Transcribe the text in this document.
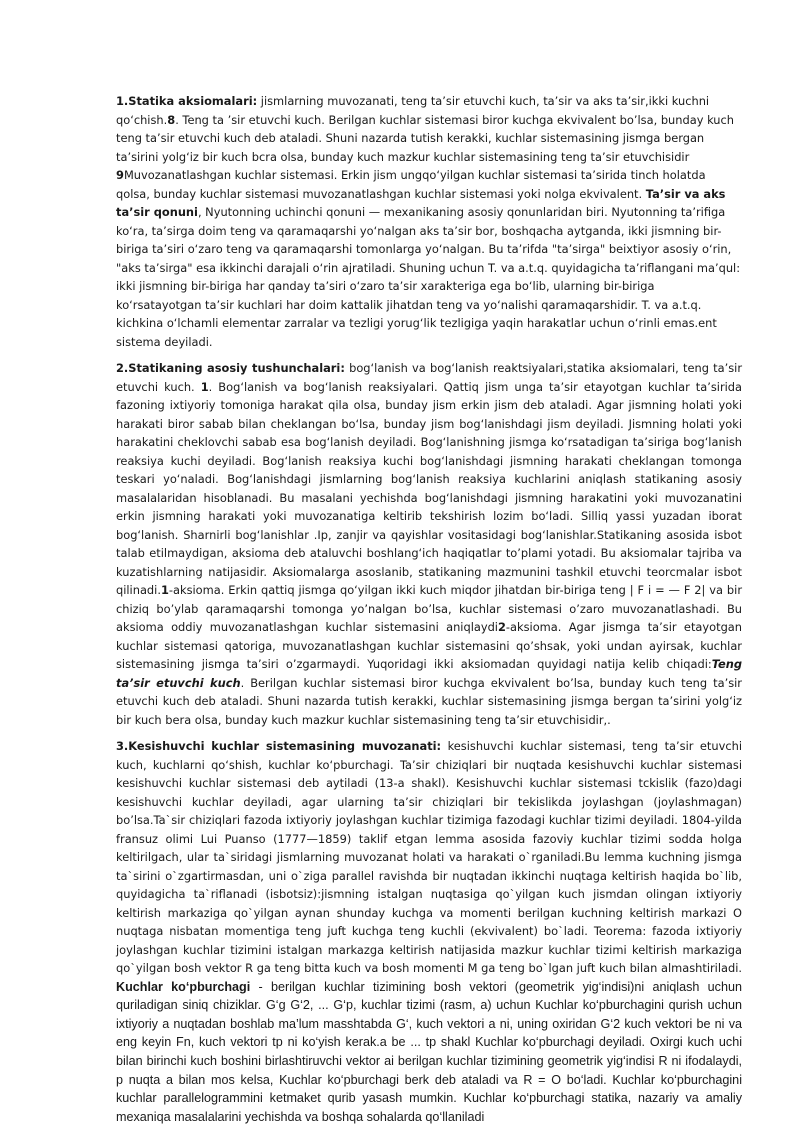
1.Statika aksiomalari: jismlarning muvozanati, teng ta’sir etuvchi kuch, ta’sir va aks ta’sir,ikki kuchni qo‘chish.8. Teng ta ’sir etuvchi kuch. Berilgan kuchlar sistemasi biror kuchga ekvivalent bo’lsa, bunday kuch teng ta’sir etuvchi kuch deb ataladi. Shuni nazarda tutish kerakki, kuchlar sistemasining jismga bergan ta’sirini yolg‘iz bir kuch bcra olsa, bunday kuch mazkur kuchlar sistemasining teng ta’sir etuvchisidir 9Muvozanatlashgan kuchlar sistemasi. Erkin jism ungqo‘yilgan kuchlar sistemasi ta’sirida tinch holatda qolsa, bunday kuchlar sistemasi muvozanatlashgan kuchlar sistemasi yoki nolga ekvivalent. Ta’sir va aks ta’sir qonuni, Nyutonning uchinchi qonuni — mexanikaning asosiy qonunlaridan biri. Nyutonning ta’rifiga ko‘ra, ta’sirga doim teng va qaramaqarshi yo‘nalgan aks ta’sir bor, boshqacha aytganda, ikki jismning bir-biriga ta’siri o‘zaro teng va qaramaqarshi tomonlarga yo‘nalgan. Bu ta’rifda "ta’sirga" beixtiyor asosiy o‘rin, "aks ta’sirga" esa ikkinchi darajali o‘rin ajratiladi. Shuning uchun T. va a.t.q. quyidagicha ta’riflangani ma’qul: ikki jismning bir-biriga har qanday ta’siri o‘zaro ta’sir xarakteriga ega bo‘lib, ularning bir-biriga ko‘rsatayotgan ta’sir kuchlari har doim kattalik jihatdan teng va yo‘nalishi qaramaqarshidir. T. va a.t.q. kichkina o‘lchamli elementar zarralar va tezligi yorug‘lik tezligiga yaqin harakatlar uchun o‘rinli emas.ent sistema deyiladi.

2.Statikaning asosiy tushunchalari: bog‘lanish va bog‘lanish reaktsiyalari,statika aksiomalari, teng ta’sir etuvchi kuch. 1. Bog‘lanish va bog‘lanish reaksiyalari. Qattiq jism unga ta’sir etayotgan kuchlar ta’sirida fazoning ixtiyoriy tomoniga harakat qila olsa, bunday jism erkin jism deb ataladi. Agar jismning holati yoki harakati biror sabab bilan cheklangan bo‘lsa, bunday jism bog‘lanishdagi jism deyiladi. Jismning holati yoki harakatini cheklovchi sabab esa bog‘lanish deyiladi. Bog‘lanishning jismga ko‘rsatadigan ta’siriga bog‘lanish reaksiya kuchi deyiladi. Bog‘lanish reaksiya kuchi bog‘lanishdagi jismning harakati cheklangan tomonga teskari yo‘naladi. Bog‘lanishdagi jismlarning bog‘lanish reaksiya kuchlarini aniqlash statikaning asosiy masalalaridan hisoblanadi. Bu masalani yechishda bog‘lanishdagi jismning harakatini yoki muvozanatini erkin jismning harakati yoki muvozanatiga keltirib tekshirish lozim bo‘ladi. Silliq yassi yuzadan iborat bog‘lanish. Sharnirli bog‘lanishlar .Ip, zanjir va qayishlar vositasidagi bog‘lanishlar.Statikaning asosida isbot talab etilmaydigan, aksioma deb ataluvchi boshlang‘ich haqiqatlar to’plami yotadi. Bu aksiomalar tajriba va kuzatishlarning natijasidir. Aksiomalarga asoslanib, statikaning mazmunini tashkil etuvchi teorcmalar isbot qilinadi.1-aksioma. Erkin qattiq jismga qo‘yilgan ikki kuch miqdor jihatdan bir-biriga teng | F i = — F 2| va bir chiziq bo’ylab qaramaqarshi tomonga yo’nalgan bo’lsa, kuchlar sistemasi o’zaro muvozanatlashadi. Bu aksioma oddiy muvozanatlashgan kuchlar sistemasini aniqlaydi2-aksioma. Agar jismga ta’sir etayotgan kuchlar sistemasi qatoriga, muvozanatlashgan kuchlar sistemasini qo’shsak, yoki undan ayirsak, kuchlar sistemasining jismga ta’siri o’zgarmaydi. Yuqoridagi ikki aksiomadan quyidagi natija kelib chiqadi:Teng ta’sir etuvchi kuch. Berilgan kuchlar sistemasi biror kuchga ekvivalent bo’lsa, bunday kuch teng ta’sir etuvchi kuch deb ataladi. Shuni nazarda tutish kerakki, kuchlar sistemasining jismga bergan ta’sirini yolg‘iz bir kuch bera olsa, bunday kuch mazkur kuchlar sistemasining teng ta’sir etuvchisidir,.

3.Kesishuvchi kuchlar sistemasining muvozanati: kesishuvchi kuchlar sistemasi, teng ta’sir etuvchi kuch, kuchlarni qo‘shish, kuchlar ko‘pburchagi. Ta’sir chiziqlari bir nuqtada kesishuvchi kuchlar sistemasi kesishuvchi kuchlar sistemasi deb aytiladi (13-a shakl). Kesishuvchi kuchlar sistemasi tckislik (fazo)dagi kesishuvchi kuchlar deyiladi, agar ularning ta’sir chiziqlari bir tekislikda joylashgan (joylashmagan) bo’lsa.Ta`sir chiziqlari fazoda ixtiyoriy joylashgan kuchlar tizimiga fazodagi kuchlar tizimi deyiladi. 1804-yilda fransuz olimi Lui Puanso (1777—1859) taklif etgan lemma asosida fazoviy kuchlar tizimi sodda holga keltirilgach, ular ta`siridagi jismlarning muvozanat holati va harakati o`rganiladi.Bu lemma kuchning jismga ta`sirini o`zgartirmasdan, uni o`ziga parallel ravishda bir nuqtadan ikkinchi nuqtaga keltirish haqida bo`lib, quyidagicha ta`riflanadi (isbotsiz):jismning istalgan nuqtasiga qo`yilgan kuch jismdan olingan ixtiyoriy keltirish markaziga qo`yilgan aynan shunday kuchga va momenti berilgan kuchning keltirish markazi O nuqtaga nisbatan momentiga teng juft kuchga teng kuchli (ekvivalent) bo`ladi. Teorema: fazoda ixtiyoriy joylashgan kuchlar tizimini istalgan markazga keltirish natijasida mazkur kuchlar tizimi keltirish markaziga qo`yilgan bosh vektor R ga teng bitta kuch va bosh momenti M ga teng bo`lgan juft kuch bilan almashtiriladi. Kuchlar ko‘pburchagi - berilgan kuchlar tizimining bosh vektori (geometrik yig‘indisi)ni aniqlash uchun quriladigan siniq chiziklar. G‘g G‘2, ... G‘p, kuchlar tizimi (rasm, a) uchun Kuchlar ko‘pburchagini qurish uchun ixtiyoriy a nuqtadan boshlab ma’lum masshtabda G‘, kuch vektori a ni, uning oxiridan G‘2 kuch vektori be ni va eng keyin Fn, kuch vektori tp ni ko‘yish kerak.a be ... tp shakl Kuchlar ko‘pburchagi deyiladi. Oxirgi kuch uchi bilan birinchi kuch boshini birlashtiruvchi vektor ai berilgan kuchlar tizimining geometrik yig‘indisi R ni ifodalaydi, p nuqta a bilan mos kelsa, Kuchlar ko‘pburchagi berk deb ataladi va R = O bo‘ladi. Kuchlar ko‘pburchagini kuchlar parallelogrammini ketmaket qurib yasash mumkin. Kuchlar ko‘pburchagi statika, nazariy va amaliy mexaniqa masalalarini yechishda va boshqa sohalarda qo‘llaniladi
